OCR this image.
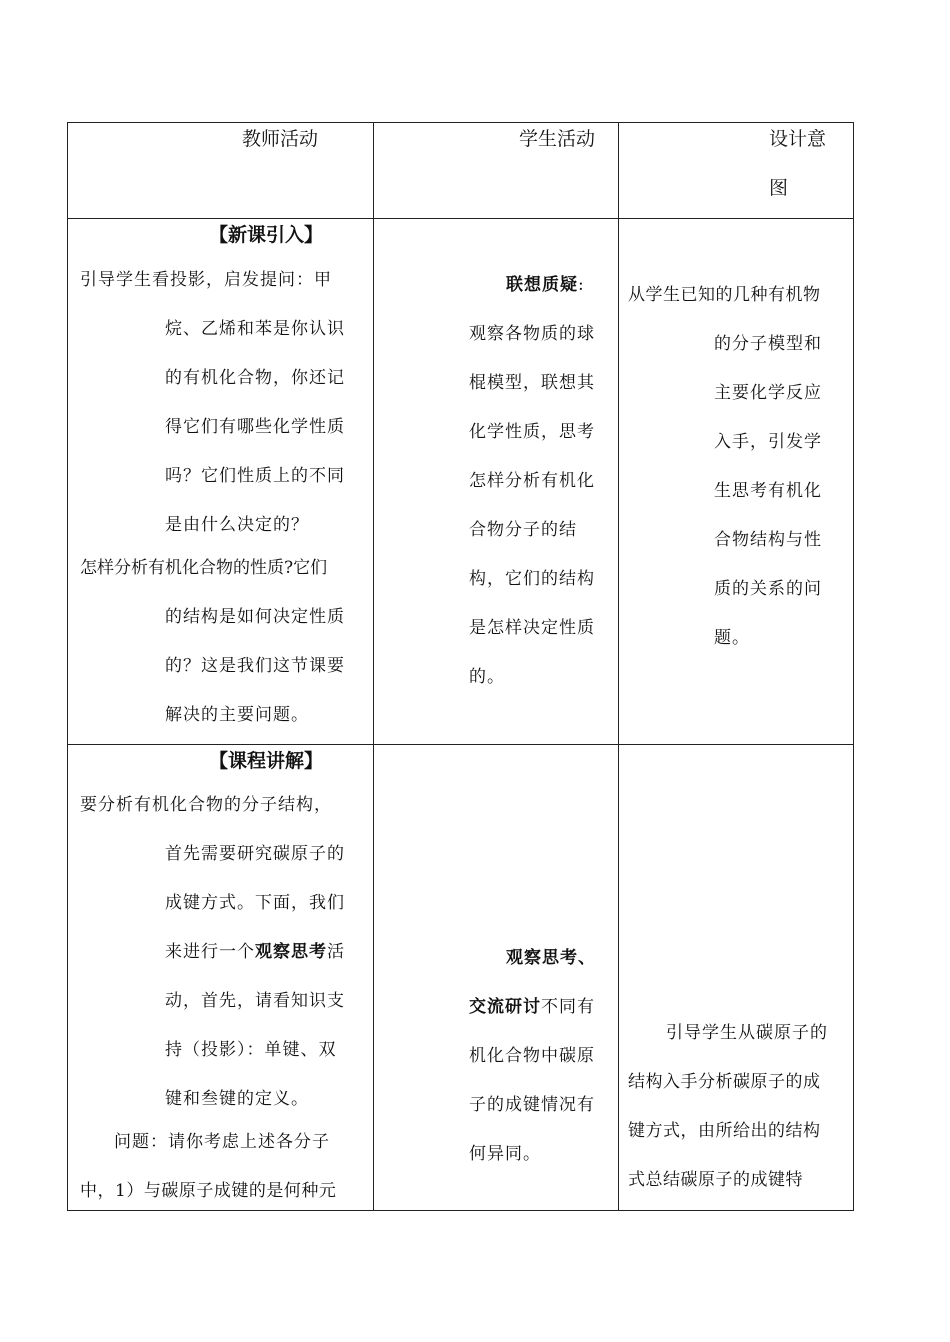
教师活动	学生活动	设计意
图
【新课引入】
引导学生看投影，启发提问：甲
烷、乙烯和苯是你认识
的有机化合物，你还记
得它们有哪些化学性质
吗？它们性质上的不同
是由什么决定的？
怎样分析有机化合物的性质?它们
的结构是如何决定性质
的？这是我们这节课要
解决的主要问题。
联想质疑:
观察各物质的球
棍模型，联想其
化学性质，思考
怎样分析有机化
合物分子的结
构，它们的结构
是怎样决定性质
的。
从学生已知的几种有机物
的分子模型和
主要化学反应
入手，引发学
生思考有机化
合物结构与性
质的关系的问
题。
【课程讲解】
要分析有机化合物的分子结构，
首先需要研究碳原子的
成键方式。下面，我们
来进行一个观察思考活
动，首先，请看知识支
持（投影）：单键、双
键和叁键的定义。
问题：请你考虑上述各分子
中，1）与碳原子成键的是何种元
观察思考、
交流研讨不同有
机化合物中碳原
子的成键情况有
何异同。
引导学生从碳原子的
结构入手分析碳原子的成
键方式，由所给出的结构
式总结碳原子的成键特
